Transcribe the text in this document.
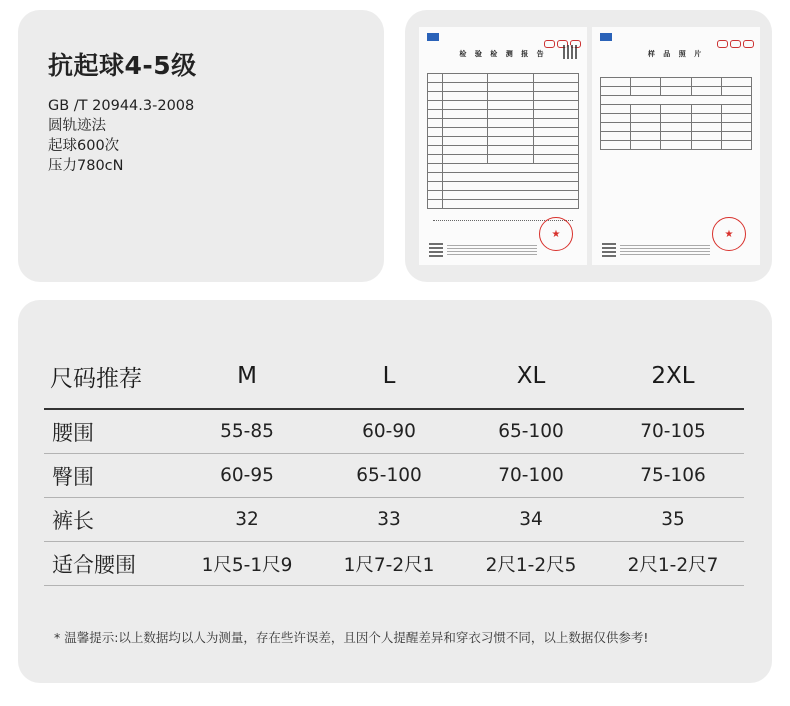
抗起球4-5级
GB /T 20944.3-2008
圆轨迹法
起球600次
压力780cN
检 验 检 测 报 告

★
样 品 照 片

★
尺码推荐	M	L	XL	2XL
腰围	55-85	60-90	65-100	70-105
臀围	60-95	65-100	70-100	75-106
裤长	32	33	34	35
适合腰围	1尺5-1尺9	1尺7-2尺1	2尺1-2尺5	2尺1-2尺7
* 温馨提示:以上数据均以人为测量，存在些许误差，且因个人提醒差异和穿衣习惯不同，以上数据仅供参考!
